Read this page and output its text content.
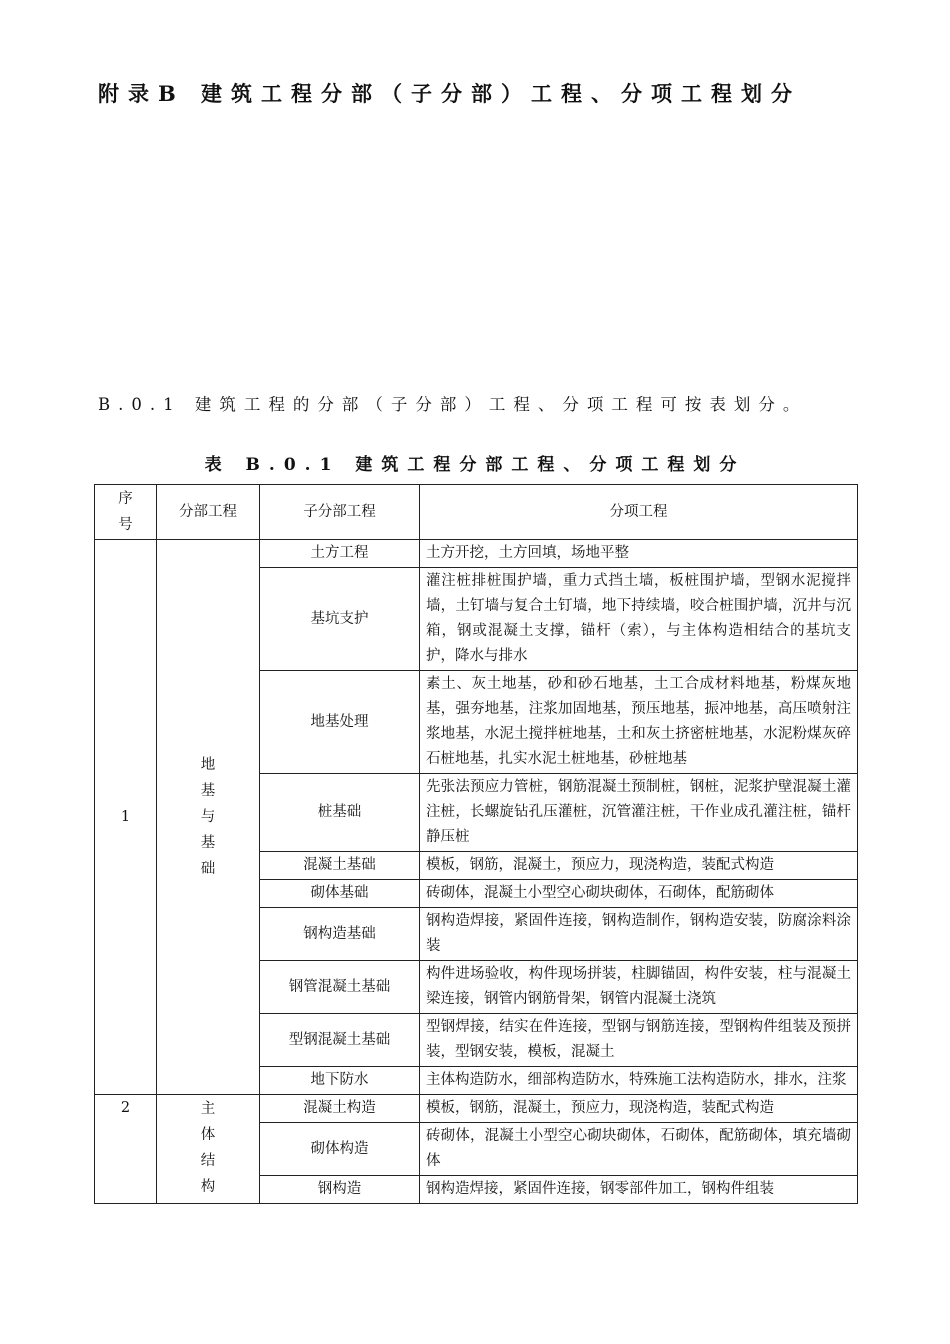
附录B 建筑工程分部（子分部）工程、分项工程划分
B.0.1 建筑工程的分部（子分部）工程、分项工程可按表划分。
表 B.0.1 建筑工程分部工程、分项工程划分
序号	分部工程	子分部工程	分项工程
1	地基与基础	土方工程	土方开挖，土方回填，场地平整
		基坑支护	灌注桩排桩围护墙，重力式挡土墙，板桩围护墙，型钢水泥搅拌墙，土钉墙与复合土钉墙，地下持续墙，咬合桩围护墙，沉井与沉箱，钢或混凝土支撑，锚杆（索），与主体构造相结合的基坑支护，降水与排水
		地基处理	素土、灰土地基，砂和砂石地基，土工合成材料地基，粉煤灰地基，强夯地基，注浆加固地基，预压地基，振冲地基，高压喷射注浆地基，水泥土搅拌桩地基，土和灰土挤密桩地基，水泥粉煤灰碎石桩地基，扎实水泥土桩地基，砂桩地基
		桩基础	先张法预应力管桩，钢筋混凝土预制桩，钢桩，泥浆护壁混凝土灌注桩，长螺旋钻孔压灌桩，沉管灌注桩，干作业成孔灌注桩，锚杆静压桩
		混凝土基础	模板，钢筋，混凝土，预应力，现浇构造，装配式构造
		砌体基础	砖砌体，混凝土小型空心砌块砌体，石砌体，配筋砌体
		钢构造基础	钢构造焊接，紧固件连接，钢构造制作，钢构造安装，防腐涂料涂装
		钢管混凝土基础	构件进场验收，构件现场拼装，柱脚锚固，构件安装，柱与混凝土梁连接，钢管内钢筋骨架，钢管内混凝土浇筑
		型钢混凝土基础	型钢焊接，结实在件连接，型钢与钢筋连接，型钢构件组装及预拼装，型钢安装，模板，混凝土
		地下防水	主体构造防水，细部构造防水，特殊施工法构造防水，排水，注浆
2	主体结构	混凝土构造	模板，钢筋，混凝土，预应力，现浇构造，装配式构造
		砌体构造	砖砌体，混凝土小型空心砌块砌体，石砌体，配筋砌体，填充墙砌体
		钢构造	钢构造焊接，紧固件连接，钢零部件加工，钢构件组装
